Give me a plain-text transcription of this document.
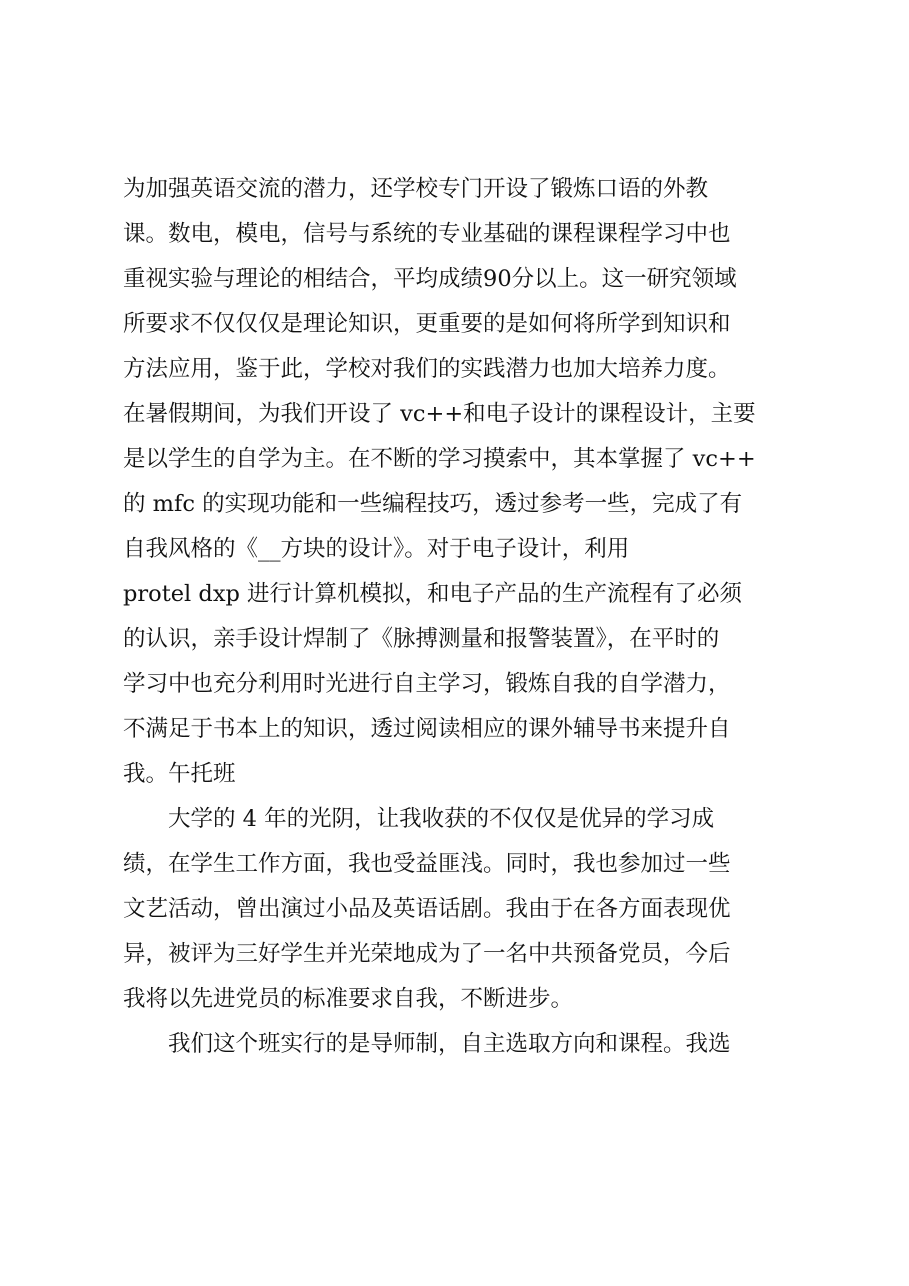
为加强英语交流的潜力，还学校专门开设了锻炼口语的外教
课。数电，模电，信号与系统的专业基础的课程课程学习中也
重视实验与理论的相结合，平均成绩90分以上。这一研究领域
所要求不仅仅仅是理论知识，更重要的是如何将所学到知识和
方法应用，鉴于此，学校对我们的实践潜力也加大培养力度。
在暑假期间，为我们开设了 vc++和电子设计的课程设计，主要
是以学生的自学为主。在不断的学习摸索中，其本掌握了 vc++
的 mfc 的实现功能和一些编程技巧，透过参考一些，完成了有
自我风格的《__方块的设计》。对于电子设计，利用
protel dxp 进行计算机模拟，和电子产品的生产流程有了必须
的认识，亲手设计焊制了《脉搏测量和报警装置》，在平时的
学习中也充分利用时光进行自主学习，锻炼自我的自学潜力，
不满足于书本上的知识，透过阅读相应的课外辅导书来提升自
我。午托班
大学的 4 年的光阴，让我收获的不仅仅是优异的学习成
绩，在学生工作方面，我也受益匪浅。同时，我也参加过一些
文艺活动，曾出演过小品及英语话剧。我由于在各方面表现优
异，被评为三好学生并光荣地成为了一名中共预备党员，今后
我将以先进党员的标准要求自我，不断进步。
我们这个班实行的是导师制，自主选取方向和课程。我选
